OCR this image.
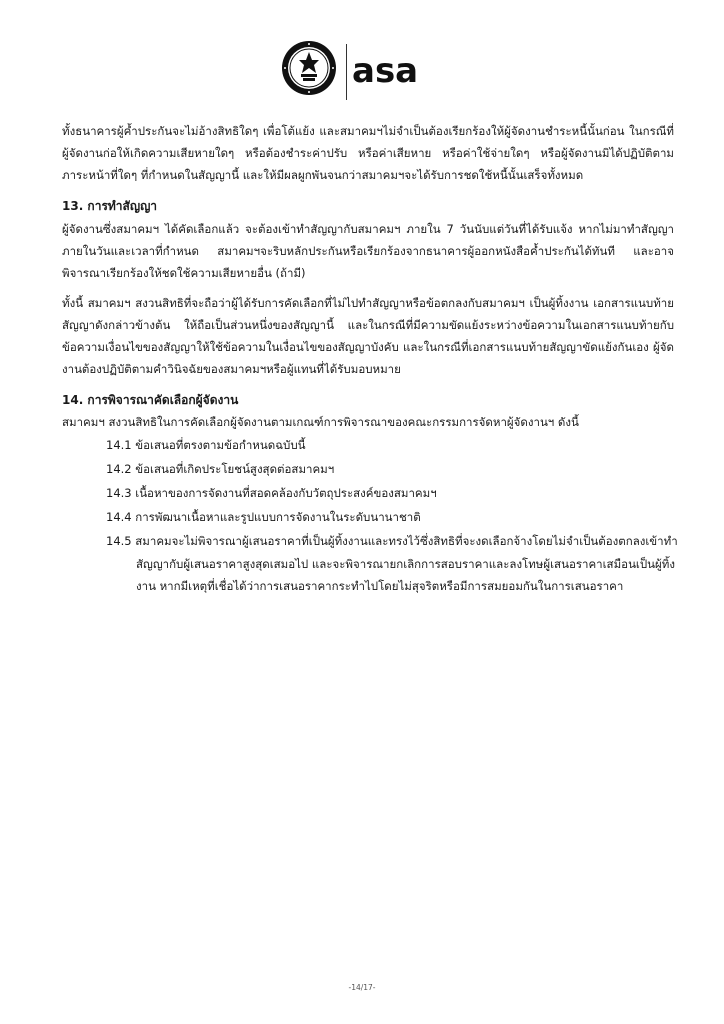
asa
ทั้งธนาคารผู้ค้ำประกันจะไม่อ้างสิทธิใดๆ เพื่อโต้แย้ง และสมาคมฯไม่จำเป็นต้องเรียกร้องให้ผู้จัดงานชำระหนี้นั้นก่อน ในกรณีที่
ผู้จัดงานก่อให้เกิดความเสียหายใดๆ หรือต้องชำระค่าปรับ หรือค่าเสียหาย หรือค่าใช้จ่ายใดๆ หรือผู้จัดงานมิได้ปฏิบัติตาม
ภาระหน้าที่ใดๆ ที่กำหนดในสัญญานี้ และให้มีผลผูกพันจนกว่าสมาคมฯจะได้รับการชดใช้หนี้นั้นเสร็จทั้งหมด

13. การทำสัญญา

ผู้จัดงานซึ่งสมาคมฯ ได้คัดเลือกแล้ว จะต้องเข้าทำสัญญากับสมาคมฯ ภายใน 7 วันนับแต่วันที่ได้รับแจ้ง หากไม่มาทำสัญญา
ภายในวันและเวลาที่กำหนด สมาคมฯจะริบหลักประกันหรือเรียกร้องจากธนาคารผู้ออกหนังสือค้ำประกันได้ทันที และอาจ
พิจารณาเรียกร้องให้ชดใช้ความเสียหายอื่น (ถ้ามี)
ทั้งนี้ สมาคมฯ สงวนสิทธิที่จะถือว่าผู้ได้รับการคัดเลือกที่ไม่ไปทำสัญญาหรือข้อตกลงกับสมาคมฯ เป็นผู้ทิ้งงาน เอกสารแนบท้าย
สัญญาดังกล่าวข้างต้น ให้ถือเป็นส่วนหนึ่งของสัญญานี้ และในกรณีที่มีความขัดแย้งระหว่างข้อความในเอกสารแนบท้ายกับ
ข้อความเงื่อนไขของสัญญาให้ใช้ข้อความในเงื่อนไขของสัญญาบังคับ และในกรณีที่เอกสารแนบท้ายสัญญาขัดแย้งกันเอง ผู้จัด
งานต้องปฏิบัติตามคำวินิจฉัยของสมาคมฯหรือผู้แทนที่ได้รับมอบหมาย

14. การพิจารณาคัดเลือกผู้จัดงาน

สมาคมฯ สงวนสิทธิในการคัดเลือกผู้จัดงานตามเกณฑ์การพิจารณาของคณะกรรมการจัดหาผู้จัดงานฯ ดังนี้

14.1 ข้อเสนอที่ตรงตามข้อกำหนดฉบับนี้

14.2 ข้อเสนอที่เกิดประโยชน์สูงสุดต่อสมาคมฯ

14.3 เนื้อหาของการจัดงานที่สอดคล้องกับวัตถุประสงค์ของสมาคมฯ

14.4 การพัฒนาเนื้อหาและรูปแบบการจัดงานในระดับนานาชาติ

14.5 สมาคมจะไม่พิจารณาผู้เสนอราคาที่เป็นผู้ทิ้งงานและทรงไว้ซึ่งสิทธิที่จะงดเลือกจ้างโดยไม่จำเป็นต้องตกลงเข้าทำ
สัญญากับผู้เสนอราคาสูงสุดเสมอไป และจะพิจารณายกเลิกการสอบราคาและลงโทษผู้เสนอราคาเสมือนเป็นผู้ทิ้ง
งาน หากมีเหตุที่เชื่อได้ว่าการเสนอราคากระทำไปโดยไม่สุจริตหรือมีการสมยอมกันในการเสนอราคา
-14/17-
